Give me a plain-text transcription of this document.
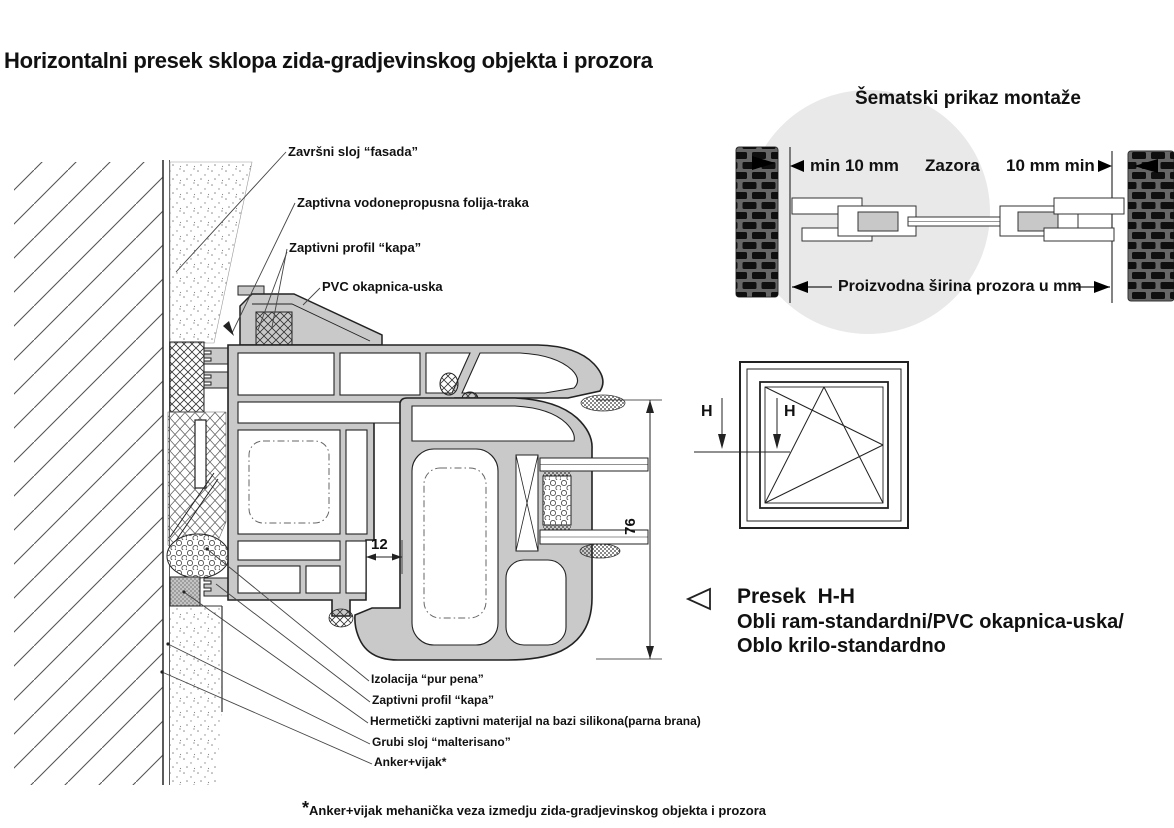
Horizontalni presek sklopa zida-gradjevinskog objekta i prozora
Završni sloj “fasada”
Zaptivna vodonepropusna folija-traka
Zaptivni profil “kapa”
PVC okapnica-uska
Izolacija “pur pena”
Zaptivni profil “kapa”
Hermetički zaptivni materijal na bazi silikona(parna brana)
Grubi sloj “malterisano”
Anker+vijak*
12
76
Šematski prikaz montaže
min 10 mm Zazora 10 mm min
Proizvodna širina prozora u mm
H	H
Presek  H-H
Obli ram-standardni/PVC okapnica-uska/
Oblo krilo-standardno
*Anker+vijak mehanička veza izmedju zida-gradjevinskog objekta i prozora
